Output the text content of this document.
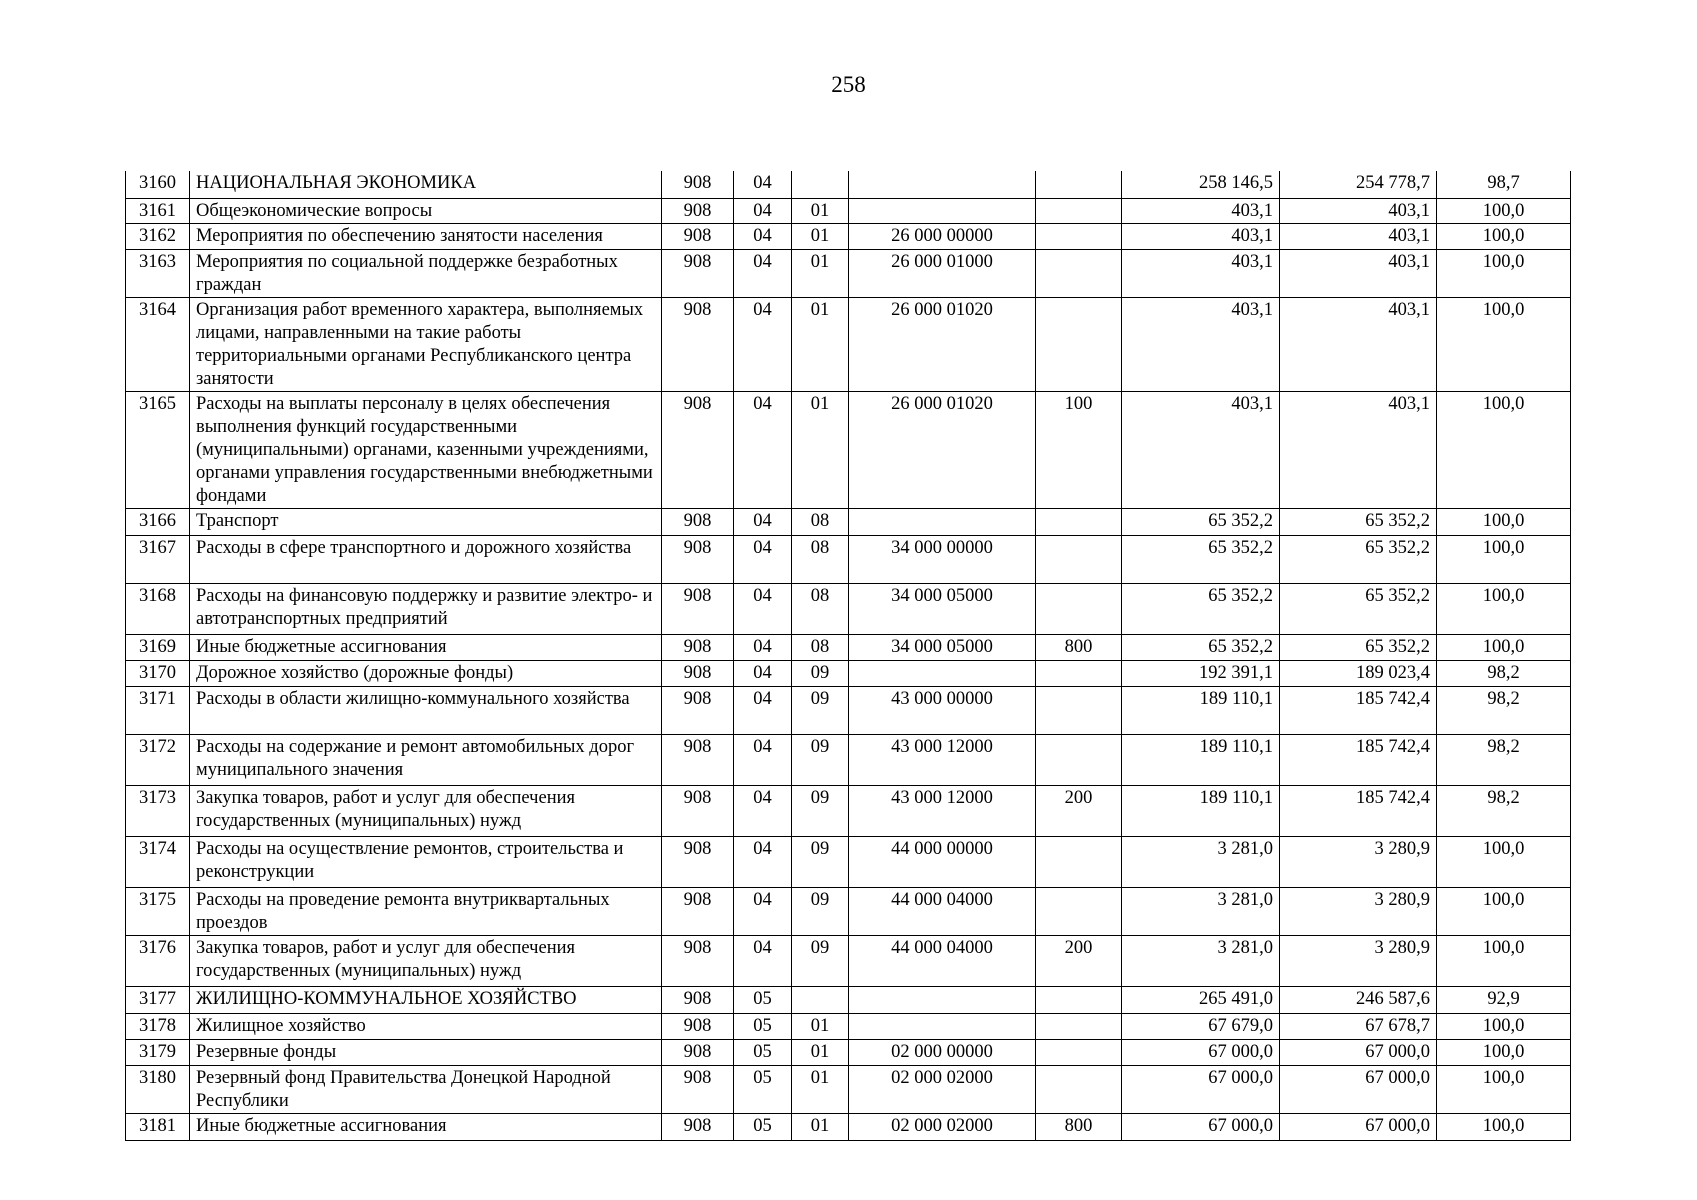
258
3160	НАЦИОНАЛЬНАЯ ЭКОНОМИКА	908	04				258 146,5	254 778,7	98,7
3161	Общеэкономические вопросы	908	04	01			403,1	403,1	100,0
3162	Мероприятия по обеспечению занятости населения	908	04	01	26 000 00000		403,1	403,1	100,0
3163	Мероприятия по социальной поддержке безработных граждан	908	04	01	26 000 01000		403,1	403,1	100,0
3164	Организация работ временного характера, выполняемых лицами, направленными на такие работы территориальными органами Республиканского центра занятости	908	04	01	26 000 01020		403,1	403,1	100,0
3165	Расходы на выплаты персоналу в целях обеспечения выполнения функций государственными (муниципальными) органами, казенными учреждениями, органами управления государственными внебюджетными фондами	908	04	01	26 000 01020	100	403,1	403,1	100,0
3166	Транспорт	908	04	08			65 352,2	65 352,2	100,0
3167	Расходы в сфере транспортного и дорожного хозяйства	908	04	08	34 000 00000		65 352,2	65 352,2	100,0
3168	Расходы на финансовую поддержку и развитие электро- и автотранспортных предприятий	908	04	08	34 000 05000		65 352,2	65 352,2	100,0
3169	Иные бюджетные ассигнования	908	04	08	34 000 05000	800	65 352,2	65 352,2	100,0
3170	Дорожное хозяйство (дорожные фонды)	908	04	09			192 391,1	189 023,4	98,2
3171	Расходы в области жилищно-коммунального хозяйства	908	04	09	43 000 00000		189 110,1	185 742,4	98,2
3172	Расходы на содержание и ремонт автомобильных дорог муниципального значения	908	04	09	43 000 12000		189 110,1	185 742,4	98,2
3173	Закупка товаров, работ и услуг для обеспечения государственных (муниципальных) нужд	908	04	09	43 000 12000	200	189 110,1	185 742,4	98,2
3174	Расходы на осуществление ремонтов, строительства и реконструкции	908	04	09	44 000 00000		3 281,0	3 280,9	100,0
3175	Расходы на проведение ремонта внутриквартальных проездов	908	04	09	44 000 04000		3 281,0	3 280,9	100,0
3176	Закупка товаров, работ и услуг для обеспечения государственных (муниципальных) нужд	908	04	09	44 000 04000	200	3 281,0	3 280,9	100,0
3177	ЖИЛИЩНО-КОММУНАЛЬНОЕ ХОЗЯЙСТВО	908	05				265 491,0	246 587,6	92,9
3178	Жилищное хозяйство	908	05	01			67 679,0	67 678,7	100,0
3179	Резервные фонды	908	05	01	02 000 00000		67 000,0	67 000,0	100,0
3180	Резервный фонд Правительства Донецкой Народной Республики	908	05	01	02 000 02000		67 000,0	67 000,0	100,0
3181	Иные бюджетные ассигнования	908	05	01	02 000 02000	800	67 000,0	67 000,0	100,0
